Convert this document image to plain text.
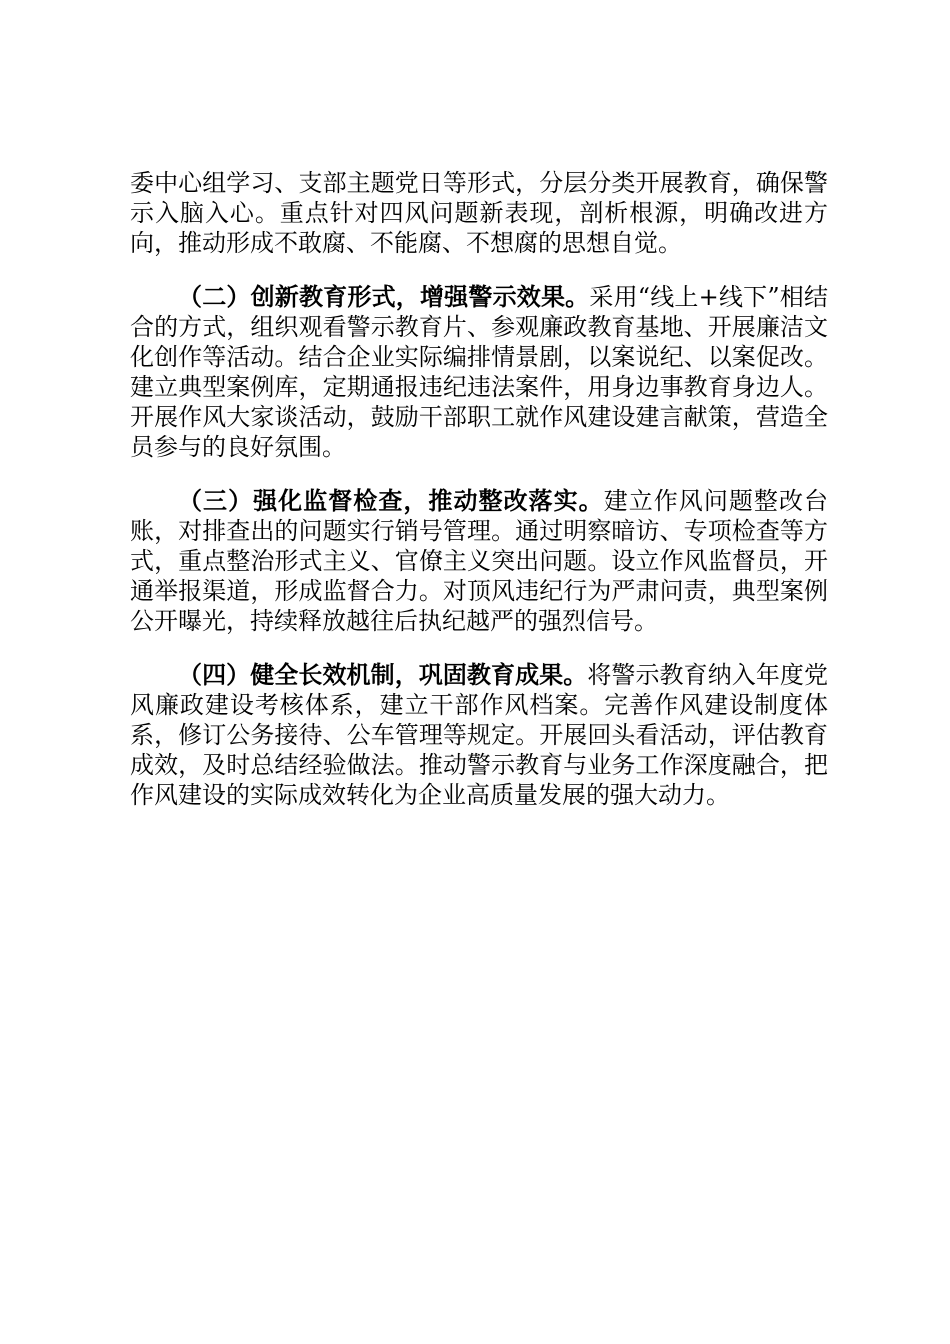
委中心组学习、支部主题党日等形式，分层分类开展教育，确保警示入脑入心。重点针对四风问题新表现，剖析根源，明确改进方向，推动形成不敢腐、不能腐、不想腐的思想自觉。

（二）创新教育形式，增强警示效果。采用“线上+线下”相结合的方式，组织观看警示教育片、参观廉政教育基地、开展廉洁文化创作等活动。结合企业实际编排情景剧，以案说纪、以案促改。建立典型案例库，定期通报违纪违法案件，用身边事教育身边人。开展作风大家谈活动，鼓励干部职工就作风建设建言献策，营造全员参与的良好氛围。

（三）强化监督检查，推动整改落实。建立作风问题整改台账，对排查出的问题实行销号管理。通过明察暗访、专项检查等方式，重点整治形式主义、官僚主义突出问题。设立作风监督员，开通举报渠道，形成监督合力。对顶风违纪行为严肃问责，典型案例公开曝光，持续释放越往后执纪越严的强烈信号。

（四）健全长效机制，巩固教育成果。将警示教育纳入年度党风廉政建设考核体系，建立干部作风档案。完善作风建设制度体系，修订公务接待、公车管理等规定。开展回头看活动，评估教育成效，及时总结经验做法。推动警示教育与业务工作深度融合，把作风建设的实际成效转化为企业高质量发展的强大动力。
